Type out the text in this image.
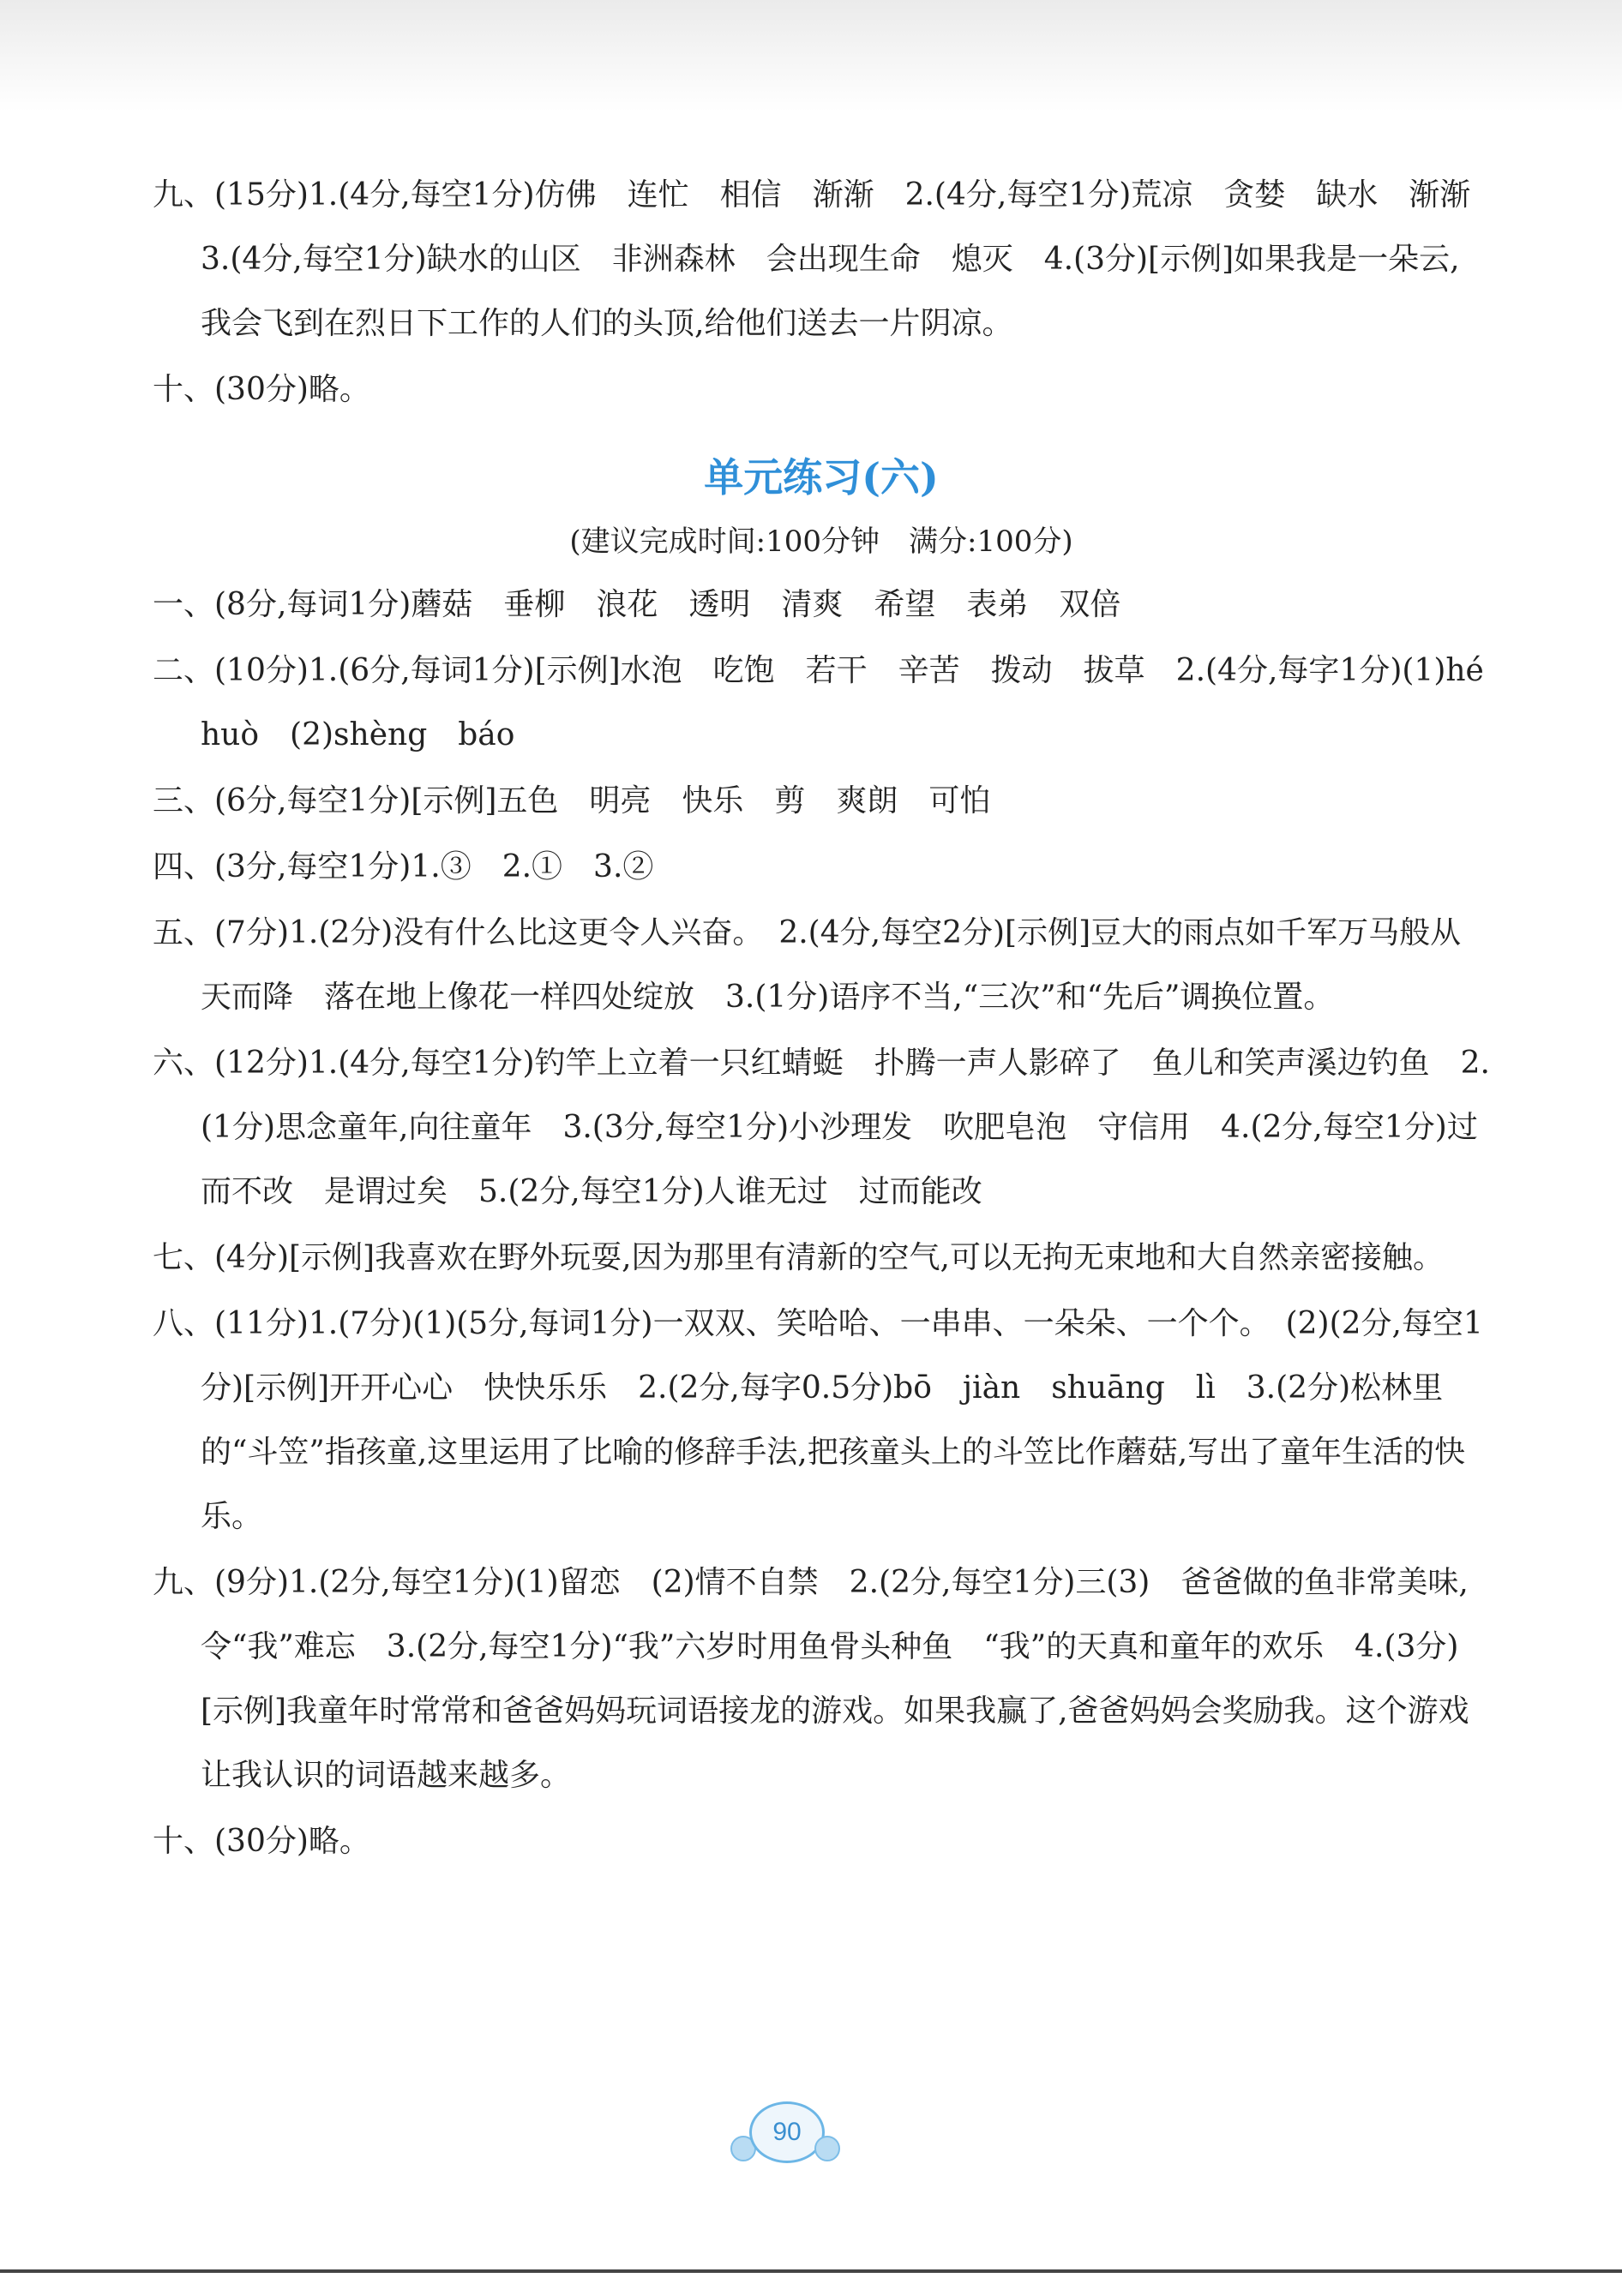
九、(15分)1.(4分,每空1分)仿佛　连忙　相信　渐渐　2.(4分,每空1分)荒凉　贪婪　缺水　渐渐　3.(4分,每空1分)缺水的山区　非洲森林　会出现生命　熄灭　4.(3分)[示例]如果我是一朵云,我会飞到在烈日下工作的人们的头顶,给他们送去一片阴凉。

十、(30分)略。

单元练习(六)
(建议完成时间:100分钟　满分:100分)

一、(8分,每词1分)蘑菇　垂柳　浪花　透明　清爽　希望　表弟　双倍

二、(10分)1.(6分,每词1分)[示例]水泡　吃饱　若干　辛苦　拨动　拔草　2.(4分,每字1分)(1)hé　huò　(2)shèng　báo

三、(6分,每空1分)[示例]五色　明亮　快乐　剪　爽朗　可怕

四、(3分,每空1分)1.③　2.①　3.②

五、(7分)1.(2分)没有什么比这更令人兴奋。　2.(4分,每空2分)[示例]豆大的雨点如千军万马般从天而降　落在地上像花一样四处绽放　3.(1分)语序不当,“三次”和“先后”调换位置。

六、(12分)1.(4分,每空1分)钓竿上立着一只红蜻蜓　扑腾一声人影碎了　鱼儿和笑声溪边钓鱼　2.(1分)思念童年,向往童年　3.(3分,每空1分)小沙理发　吹肥皂泡　守信用　4.(2分,每空1分)过而不改　是谓过矣　5.(2分,每空1分)人谁无过　过而能改

七、(4分)[示例]我喜欢在野外玩耍,因为那里有清新的空气,可以无拘无束地和大自然亲密接触。

八、(11分)1.(7分)(1)(5分,每词1分)一双双、笑哈哈、一串串、一朵朵、一个个。　(2)(2分,每空1分)[示例]开开心心　快快乐乐　2.(2分,每字0.5分)bō　jiàn　shuāng　lì　3.(2分)松林里的“斗笠”指孩童,这里运用了比喻的修辞手法,把孩童头上的斗笠比作蘑菇,写出了童年生活的快乐。

九、(9分)1.(2分,每空1分)(1)留恋　(2)情不自禁　2.(2分,每空1分)三(3)　爸爸做的鱼非常美味,令“我”难忘　3.(2分,每空1分)“我”六岁时用鱼骨头种鱼　“我”的天真和童年的欢乐　4.(3分)[示例]我童年时常常和爸爸妈妈玩词语接龙的游戏。如果我赢了,爸爸妈妈会奖励我。这个游戏让我认识的词语越来越多。

十、(30分)略。

90
